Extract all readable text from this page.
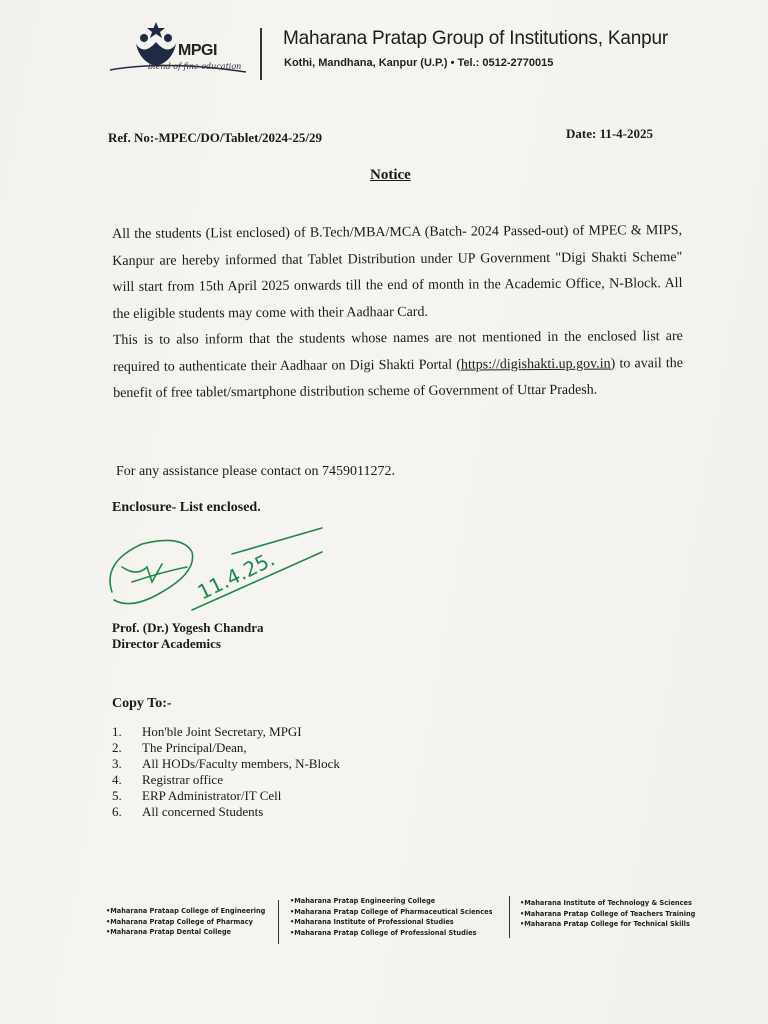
MPGI
blend of fine education
Maharana Pratap Group of Institutions, Kanpur
Kothi, Mandhana, Kanpur (U.P.) • Tel.: 0512-2770015
Ref. No:-MPEC/DO/Tablet/2024-25/29	Date: 11-4-2025
Notice

All the students (List enclosed) of B.Tech/MBA/MCA (Batch- 2024 Passed-out) of MPEC & MIPS, Kanpur are hereby informed that Tablet Distribution under UP Government "Digi Shakti Scheme" will start from 15th April 2025 onwards till the end of month in the Academic Office, N-Block. All the eligible students may come with their Aadhaar Card.

This is to also inform that the students whose names are not mentioned in the enclosed list are required to authenticate their Aadhaar on Digi Shakti Portal (https://digishakti.up.gov.in) to avail the benefit of free tablet/smartphone distribution scheme of Government of Uttar Pradesh.

For any assistance please contact on 7459011272.
Enclosure- List enclosed.
11.4.25.
Prof. (Dr.) Yogesh Chandra
Director Academics
Copy To:-
1.	Hon'ble Joint Secretary, MPGI
2.	The Principal/Dean,
3.	All HODs/Faculty members, N-Block
4.	Registrar office
5.	ERP Administrator/IT Cell
6.	All concerned Students
• Maharana Prataap College of Engineering
• Maharana Pratap College of Pharmacy
• Maharana Pratap Dental College
• Maharana Pratap Engineering College
• Maharana Pratap College of Pharmaceutical Sciences
• Maharana Institute of Professional Studies
• Maharana Pratap College of Professional Studies
• Maharana Institute of Technology & Sciences
• Maharana Pratap College of Teachers Training
• Maharana Pratap College for Technical Skills
